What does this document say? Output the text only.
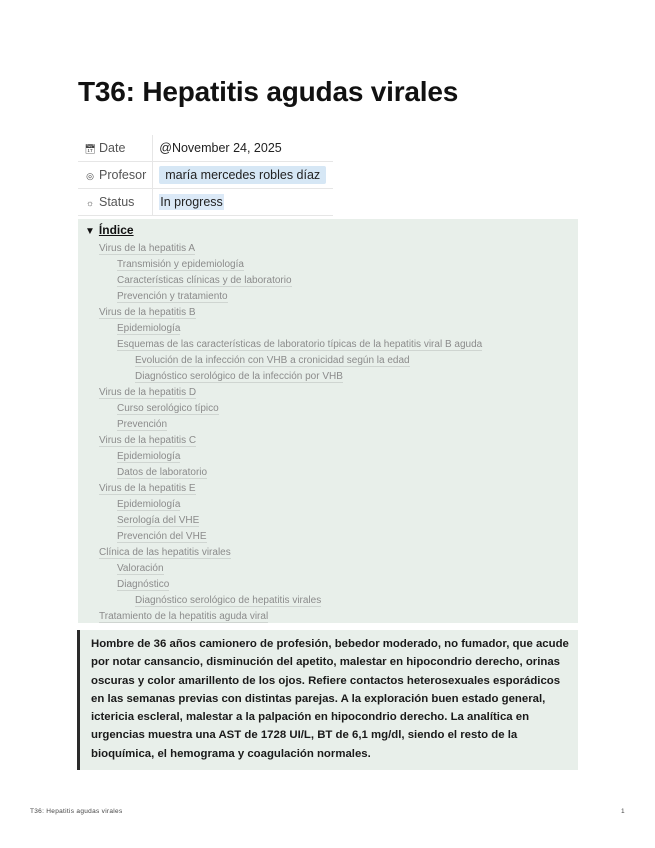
T36: Hepatitis agudas virales
📅︎ Date	@November 24, 2025
◎ Profesor	maría mercedes robles díaz
☼ Status	In progress
▼ Índice
Virus de la hepatitis A
Transmisión y epidemiología
Características clínicas y de laboratorio
Prevención y tratamiento
Virus de la hepatitis B
Epidemiología
Esquemas de las características de laboratorio típicas de la hepatitis viral B aguda
Evolución de la infección con VHB a cronicidad según la edad
Diagnóstico serológico de la infección por VHB
Virus de la hepatitis D
Curso serológico típico
Prevención
Virus de la hepatitis C
Epidemiología
Datos de laboratorio
Virus de la hepatitis E
Epidemiología
Serología del VHE
Prevención del VHE
Clínica de las hepatitis virales
Valoración
Diagnóstico
Diagnóstico serológico de hepatitis virales
Tratamiento de la hepatitis aguda viral

Hombre de 36 años camionero de profesión, bebedor moderado, no fumador, que acude por notar cansancio, disminución del apetito, malestar en hipocondrio derecho, orinas oscuras y color amarillento de los ojos. Refiere contactos heterosexuales esporádicos en las semanas previas con distintas parejas. A la exploración buen estado general, ictericia escleral, malestar a la palpación en hipocondrio derecho. La analítica en urgencias muestra una AST de 1728 UI/L, BT de 6,1 mg/dl, siendo el resto de la bioquímica, el hemograma y coagulación normales.

T36: Hepatitis agudas virales	1
